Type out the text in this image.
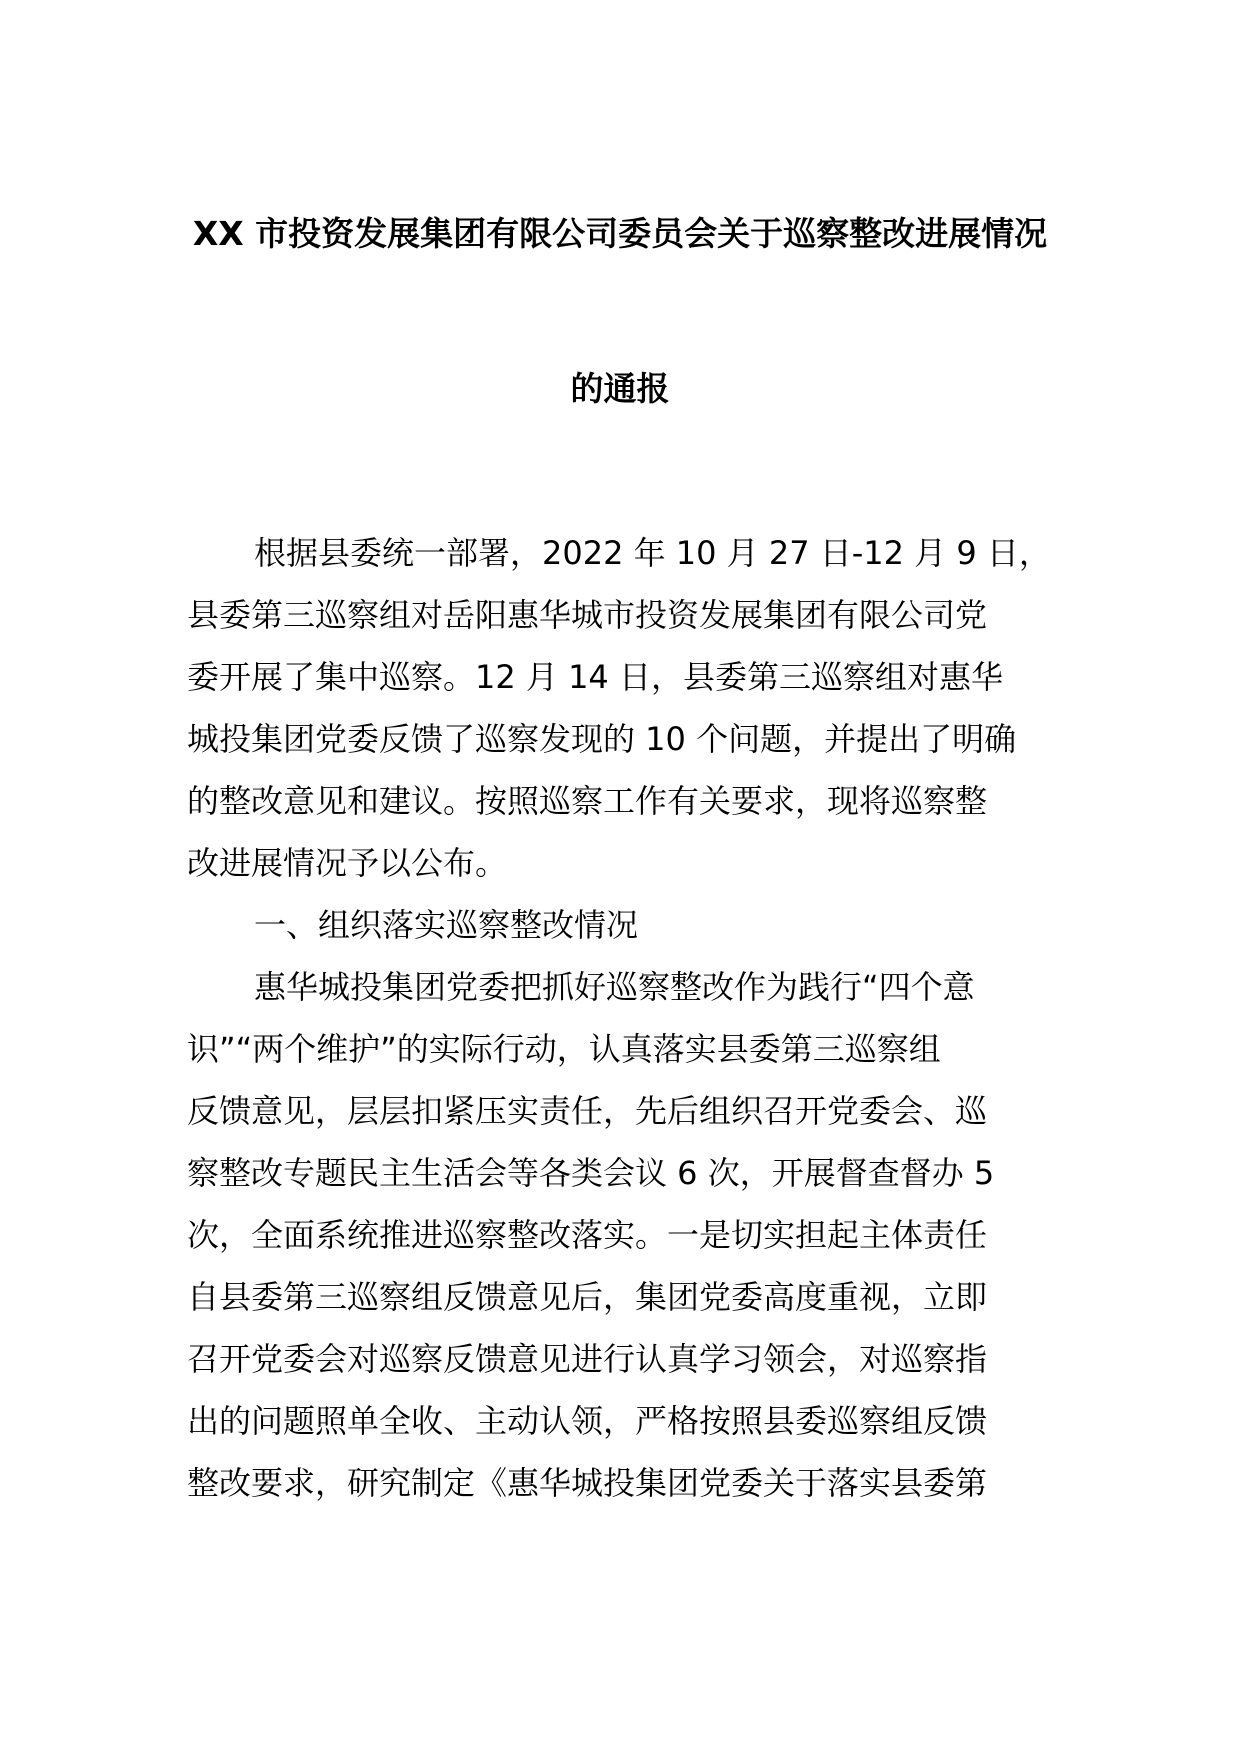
XX 市投资发展集团有限公司委员会关于巡察整改进展情况
的通报
根据县委统一部署，2022 年 10 月 27 日-12 月 9 日，
县委第三巡察组对岳阳惠华城市投资发展集团有限公司党
委开展了集中巡察。12 月 14 日，县委第三巡察组对惠华
城投集团党委反馈了巡察发现的 10 个问题，并提出了明确
的整改意见和建议。按照巡察工作有关要求，现将巡察整
改进展情况予以公布。
一、组织落实巡察整改情况
惠华城投集团党委把抓好巡察整改作为践行“四个意
识”“两个维护”的实际行动，认真落实县委第三巡察组
反馈意见，层层扣紧压实责任，先后组织召开党委会、巡
察整改专题民主生活会等各类会议 6 次，开展督查督办 5
次，全面系统推进巡察整改落实。一是切实担起主体责任
自县委第三巡察组反馈意见后，集团党委高度重视，立即
召开党委会对巡察反馈意见进行认真学习领会，对巡察指
出的问题照单全收、主动认领，严格按照县委巡察组反馈
整改要求，研究制定《惠华城投集团党委关于落实县委第
